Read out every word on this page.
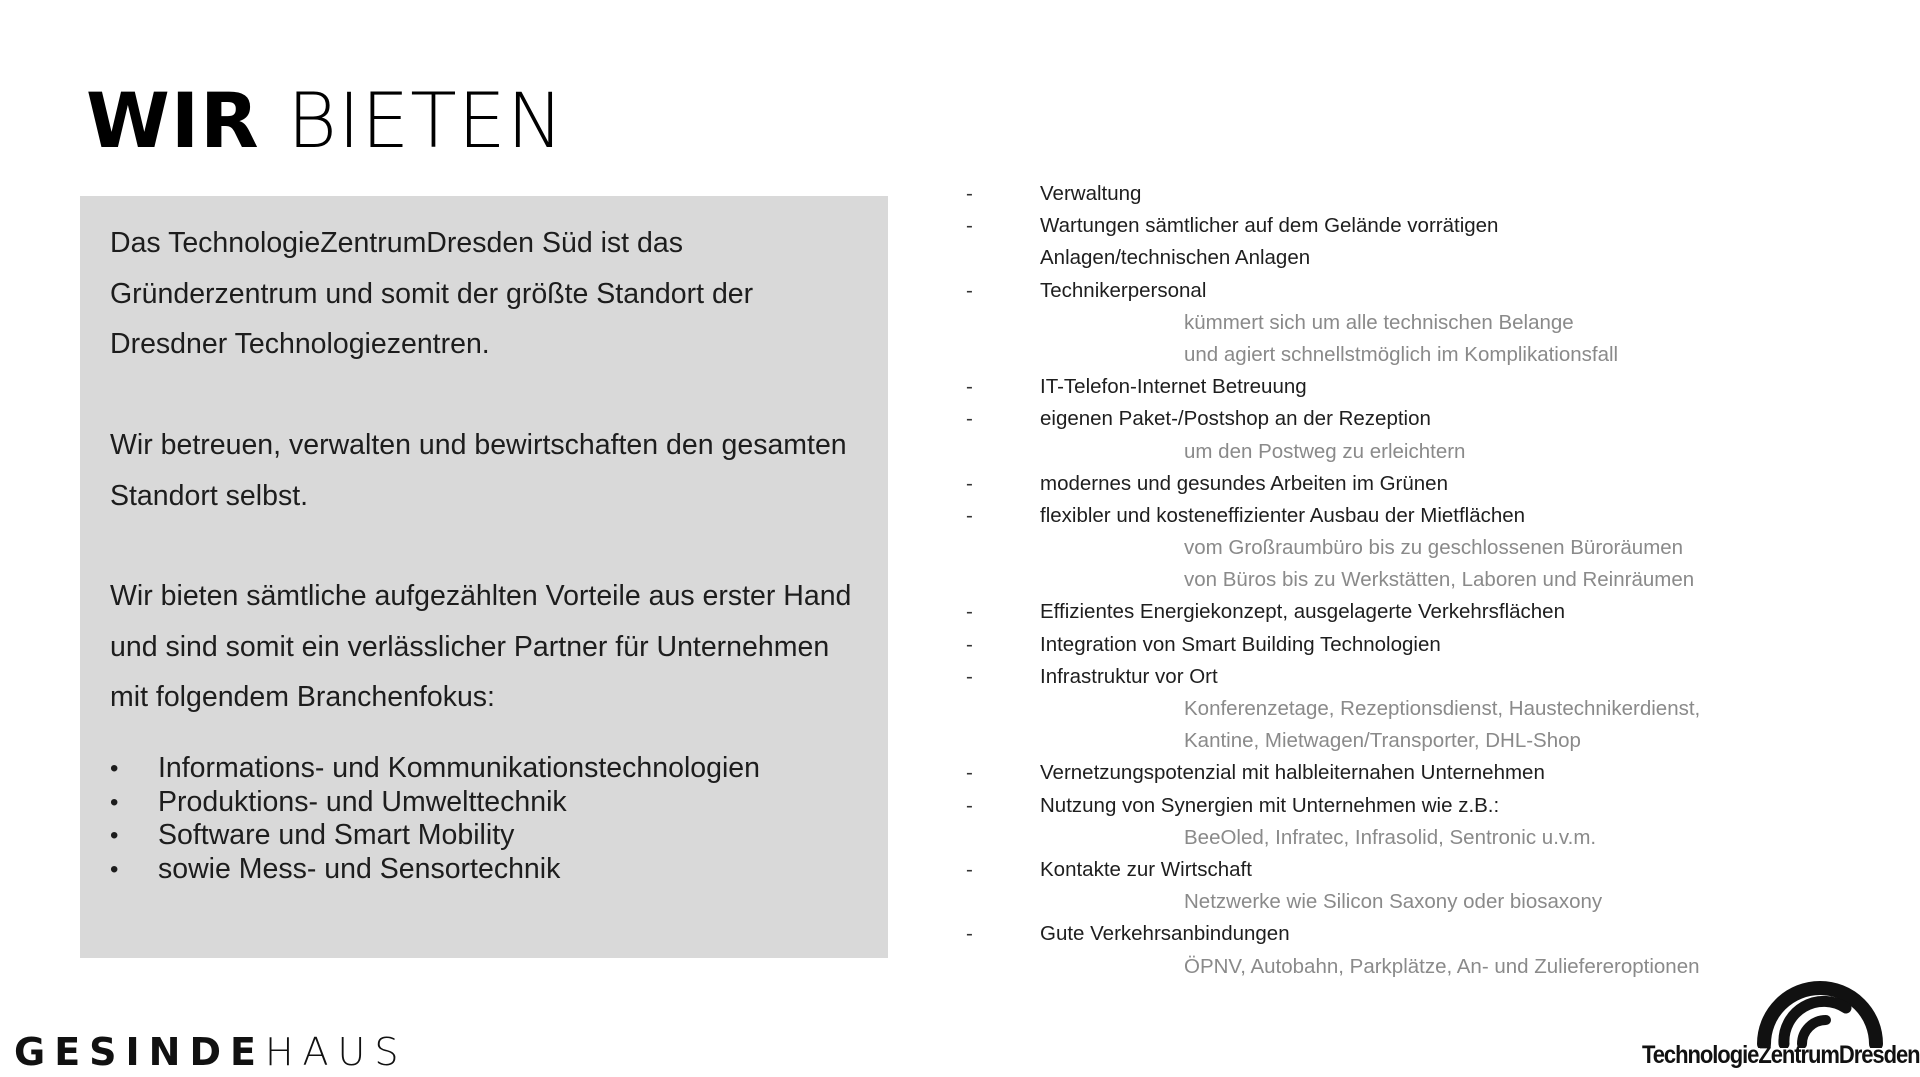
WIR BIETEN

Das TechnologieZentrumDresden Süd ist das Gründerzentrum und somit der größte Standort der Dresdner Technologiezentren.

Wir betreuen, verwalten und bewirtschaften den gesamten Standort selbst.

Wir bieten sämtliche aufgezählten Vorteile aus erster Hand und sind somit ein verlässlicher Partner für Unternehmen mit folgendem Branchenfokus:

•	Informations- und Kommunikationstechnologien
•	Produktions- und Umwelttechnik
•	Software und Smart Mobility
•	sowie Mess- und Sensortechnik
-	Verwaltung
-	Wartungen sämtlicher auf dem Gelände vorrätigen
Anlagen/technischen Anlagen
-	Technikerpersonal
kümmert sich um alle technischen Belange
und agiert schnellstmöglich im Komplikationsfall
-	IT-Telefon-Internet Betreuung
-	eigenen Paket-/Postshop an der Rezeption
um den Postweg zu erleichtern
-	modernes und gesundes Arbeiten im Grünen
-	flexibler und kosteneffizienter Ausbau der Mietflächen
vom Großraumbüro bis zu geschlossenen Büroräumen
von Büros bis zu Werkstätten, Laboren und Reinräumen
-	Effizientes Energiekonzept, ausgelagerte Verkehrsflächen
-	Integration von Smart Building Technologien
-	Infrastruktur vor Ort
Konferenzetage, Rezeptionsdienst, Haustechnikerdienst,
Kantine, Mietwagen/Transporter, DHL-Shop
-	Vernetzungspotenzial mit halbleiternahen Unternehmen
-	Nutzung von Synergien mit Unternehmen wie z.B.:
BeeOled, Infratec, Infrasolid, Sentronic u.v.m.
-	Kontakte zur Wirtschaft
Netzwerke wie Silicon Saxony oder biosaxony
-	Gute Verkehrsanbindungen
ÖPNV, Autobahn, Parkplätze, An- und Zuliefereroptionen
GESINDEHAUS	TechnologieZentrumDresden
